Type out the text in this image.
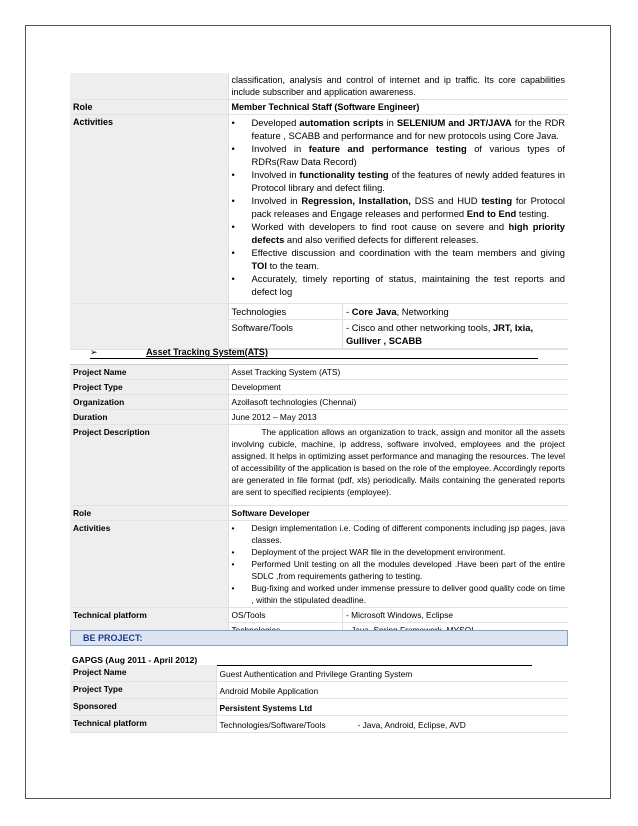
	classification, analysis and control of internet and ip traffic. Its core capabilities include subscriber and application awareness.
Role	Member Technical Staff (Software Engineer)
Activities	• Developed automation scripts in SELENIUM and JRT/JAVA for the RDR feature , SCABB and performance and for new protocols using Core Java.
• Involved in feature and performance testing of various types of RDRs(Raw Data Record)
• Involved in functionality testing of the features of newly added features in Protocol library and defect filing.
• Involved in Regression, Installation, DSS and HUD testing for Protocol pack releases and Engage releases and performed End to End testing.
• Worked with developers to find root cause on severe and high priority defects and also verified defects for different releases.
• Effective discussion and coordination with the team members and giving TOI to the team.
• Accurately, timely reporting of status, maintaining the test reports and defect log

Technologies	- Core Java, Networking
Software/Tools	- Cisco and other networking tools, JRT, Ixia, Gulliver , SCABB
➢	Asset Tracking System(ATS)
Project Name	Asset Tracking System (ATS)
Project Type	Development
Organization	Azollasoft technologies (Chennai)
Duration	June 2012 – May 2013
Project Description	The application allows an organization to track, assign and monitor all the assets involving cubicle, machine, ip address, software involved, employees and the project assigned. It helps in optimizing asset performance and managing the resources. The level of accessibility of the application is based on the role of the employee. Accordingly reports are generated in file format (pdf, xls) periodically. Mails containing the generated reports are sent to specified recipients (employee).
Role	Software Developer
Activities	• Design implementation i.e. Coding of different components including jsp pages, java classes.
• Deployment of the project WAR file in the development environment.
• Performed Unit testing on all the modules developed .Have been part of the entire SDLC ,from requirements gathering to testing.
• Bug-fixing and worked under immense pressure to deliver good quality code on time , within the stipulated deadline.

Technical platform		OS/Tools	- Microsoft Windows, Eclipse

BE PROJECT:
GAPGS (Aug 2011 - April 2012)
Project Name	Guest Authentication and Privilege Granting System
Project Type	Android Mobile Application
Sponsored	Persistent Systems Ltd
Technical platform	Technologies/Software/Tools - Java, Android, Eclipse, AVD
